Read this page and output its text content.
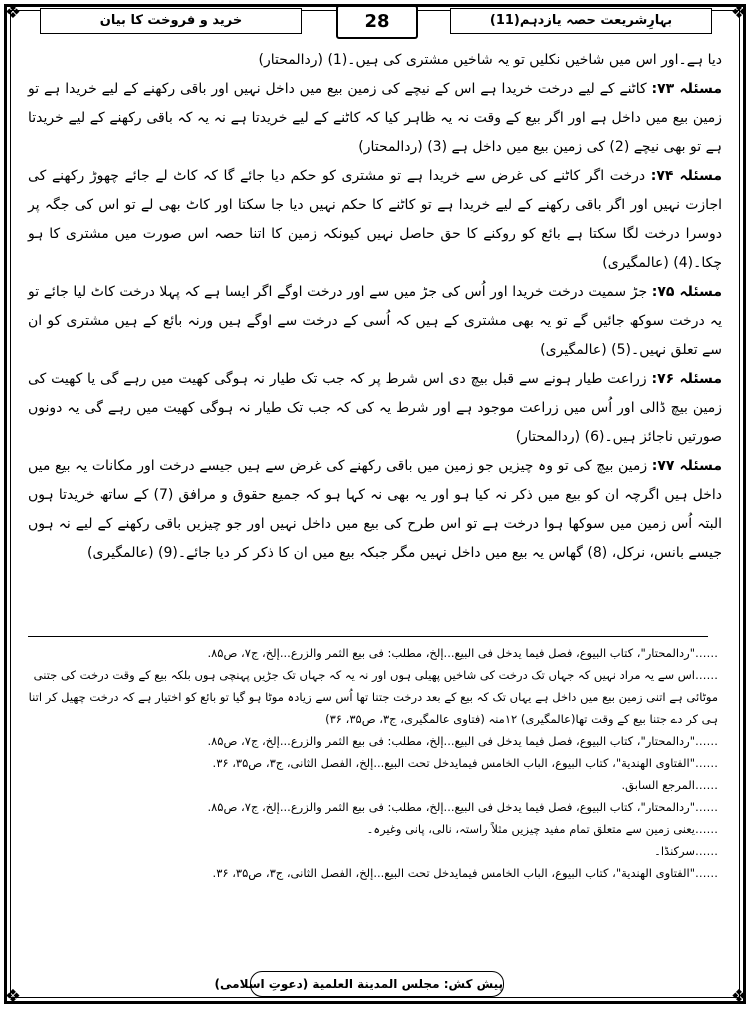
❖	❖
❖	❖
بہارِشریعت حصہ یازدہم(11)
28
خرید و فروخت کا بیان

دیا ہے۔اور اس میں شاخیں نکلیں تو یہ شاخیں مشتری کی ہیں۔(1) (ردالمحتار)

مسئلہ ۷۳: کاٹنے کے لیے درخت خریدا ہے اس کے نیچے کی زمین بیع میں داخل نہیں اور باقی رکھنے کے لیے خریدا ہے تو زمین بیع میں داخل ہے اور اگر بیع کے وقت نہ یہ ظاہر کیا کہ کاٹنے کے لیے خریدتا ہے نہ یہ کہ باقی رکھنے کے لیے خریدتا ہے تو بھی نیچے (2) کی زمین بیع میں داخل ہے (3) (ردالمحتار)

مسئلہ ۷۴: درخت اگر کاٹنے کی غرض سے خریدا ہے تو مشتری کو حکم دیا جائے گا کہ کاٹ لے جائے چھوڑ رکھنے کی اجازت نہیں اور اگر باقی رکھنے کے لیے خریدا ہے تو کاٹنے کا حکم نہیں دیا جا سکتا اور کاٹ بھی لے تو اس کی جگہ پر دوسرا درخت لگا سکتا ہے بائع کو روکنے کا حق حاصل نہیں کیونکہ زمین کا اتنا حصہ اس صورت میں مشتری کا ہو چکا۔(4) (عالمگیری)

مسئلہ ۷۵: جڑ سمیت درخت خریدا اور اُس کی جڑ میں سے اور درخت اوگے اگر ایسا ہے کہ پہلا درخت کاٹ لیا جائے تو یہ درخت سوکھ جائیں گے تو یہ بھی مشتری کے ہیں کہ اُسی کے درخت سے اوگے ہیں ورنہ بائع کے ہیں مشتری کو ان سے تعلق نہیں۔(5) (عالمگیری)

مسئلہ ۷۶: زراعت طیار ہونے سے قبل بیچ دی اس شرط پر کہ جب تک طیار نہ ہوگی کھیت میں رہے گی یا کھیت کی زمین بیچ ڈالی اور اُس میں زراعت موجود ہے اور شرط یہ کی کہ جب تک طیار نہ ہوگی کھیت میں رہے گی یہ دونوں صورتیں ناجائز ہیں۔(6) (ردالمحتار)

مسئلہ ۷۷: زمین بیچ کی تو وہ چیزیں جو زمین میں باقی رکھنے کی غرض سے ہیں جیسے درخت اور مکانات یہ بیع میں داخل ہیں اگرچہ ان کو بیع میں ذکر نہ کیا ہو اور یہ بھی نہ کہا ہو کہ جمیع حقوق و مرافق (7) کے ساتھ خریدتا ہوں البتہ اُس زمین میں سوکھا ہوا درخت ہے تو اس طرح کی بیع میں داخل نہیں اور جو چیزیں باقی رکھنے کے لیے نہ ہوں جیسے بانس، نرکل، (8) گھاس یہ بیع میں داخل نہیں مگر جبکہ بیع میں ان کا ذکر کر دیا جائے۔(9) (عالمگیری)

……"ردالمحتار"، کتاب البیوع، فصل فیما یدخل فی البیع...إلخ، مطلب: فی بیع الثمر والزرع...إلخ، ج۷، ص۸۵.

……اس سے یہ مراد نہیں کہ جہاں تک درخت کی شاخیں پھیلی ہوں اور نہ یہ کہ جہاں تک جڑیں پہنچی ہوں بلکہ بیع کے وقت درخت کی جتنی موٹائی ہے اتنی زمین بیع میں داخل ہے یہاں تک کہ بیع کے بعد درخت جتنا تھا اُس سے زیادہ موٹا ہو گیا تو بائع کو اختیار ہے کہ درخت چھیل کر اتنا ہی کر دے جتنا بیع کے وقت تھا(عالمگیری) ۱۲منہ (فتاوی عالمگیری، ج۳، ص۳۵، ۳۶)

……"ردالمحتار"، کتاب البیوع، فصل فیما یدخل فی البیع...إلخ، مطلب: فی بیع الثمر والزرع...إلخ، ج۷، ص۸۵.

……"الفتاوی الهندیة"، کتاب البیوع، الباب الخامس فیمایدخل تحت البیع...إلخ، الفصل الثانی، ج۳، ص۳۵، ۳۶.

……المرجع السابق.

……"ردالمحتار"، کتاب البیوع، فصل فیما یدخل فی البیع...إلخ، مطلب: فی بیع الثمر والزرع...إلخ، ج۷، ص۸۵.

……یعنی زمین سے متعلق تمام مفید چیزیں مثلاً راستہ، نالی، پانی وغیرہ۔

……سرکنڈا۔

……"الفتاوی الهندیة"، کتاب البیوع، الباب الخامس فیمایدخل تحت البیع...إلخ، الفصل الثانی، ج۳، ص۳۵، ۳۶.

پیش کش: مجلس المدینة العلمیة (دعوتِ اسلامی)
